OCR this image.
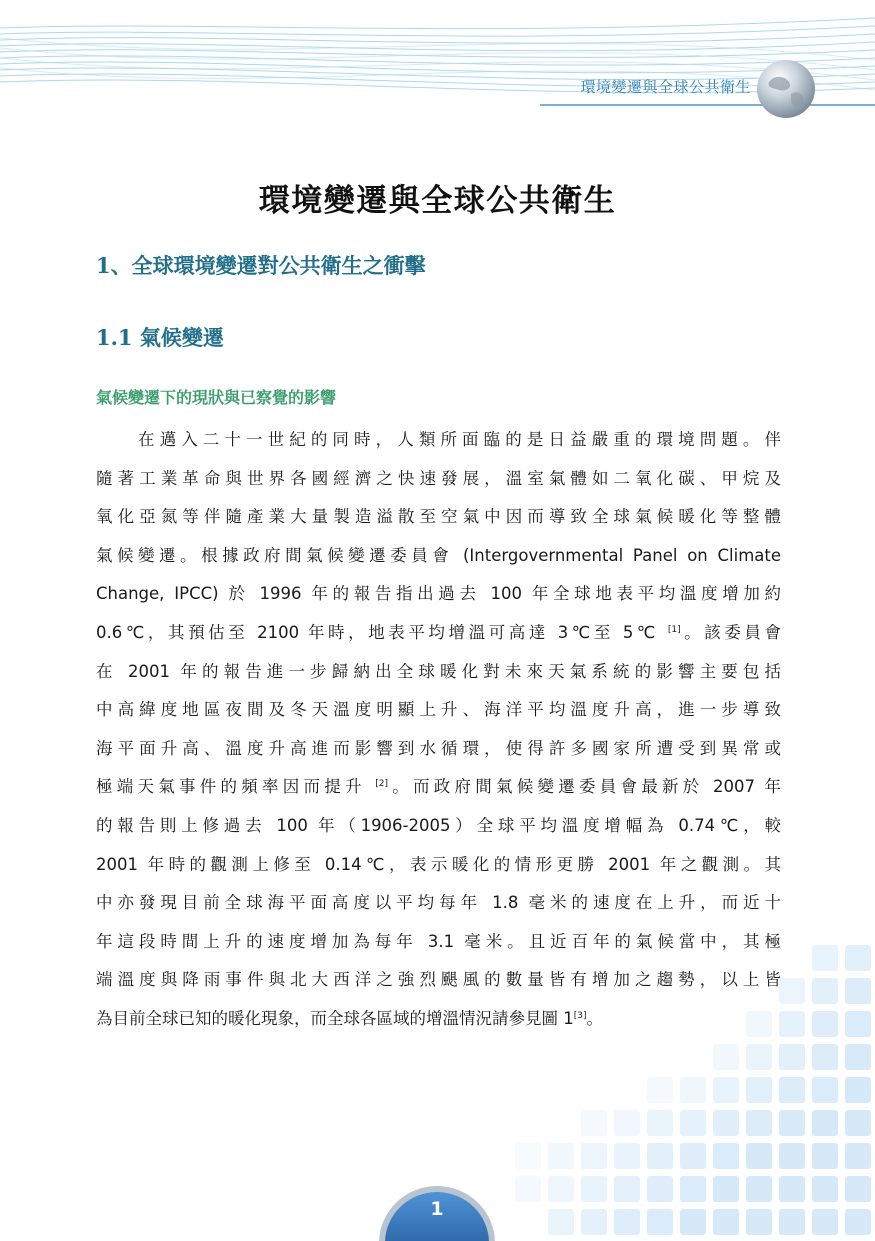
環境變遷與全球公共衛生
環境變遷與全球公共衛生
1、全球環境變遷對公共衛生之衝擊
1.1 氣候變遷
氣候變遷下的現狀與已察覺的影響
在邁入二十一世紀的同時，人類所面臨的是日益嚴重的環境問題。伴
隨著工業革命與世界各國經濟之快速發展，溫室氣體如二氧化碳、甲烷及
氧化亞氮等伴隨產業大量製造溢散至空氣中因而導致全球氣候暖化等整體
氣候變遷。根據政府間氣候變遷委員會 (Intergovernmental Panel on Climate
Change, IPCC) 於 1996 年的報告指出過去 100 年全球地表平均溫度增加約
0.6℃，其預估至 2100 年時，地表平均增溫可高達 3℃至 5℃ [1]。該委員會
在 2001 年的報告進一步歸納出全球暖化對未來天氣系統的影響主要包括
中高緯度地區夜間及冬天溫度明顯上升、海洋平均溫度升高，進一步導致
海平面升高、溫度升高進而影響到水循環，使得許多國家所遭受到異常或
極端天氣事件的頻率因而提升 [2]。而政府間氣候變遷委員會最新於 2007 年
的報告則上修過去 100 年（1906-2005）全球平均溫度增幅為 0.74℃，較
2001 年時的觀測上修至 0.14℃，表示暖化的情形更勝 2001 年之觀測。其
中亦發現目前全球海平面高度以平均每年 1.8 毫米的速度在上升，而近十
年這段時間上升的速度增加為每年 3.1 毫米。且近百年的氣候當中，其極
端溫度與降雨事件與北大西洋之強烈颶風的數量皆有增加之趨勢，以上皆
為目前全球已知的暖化現象，而全球各區域的增溫情況請參見圖 1[3]。
1
